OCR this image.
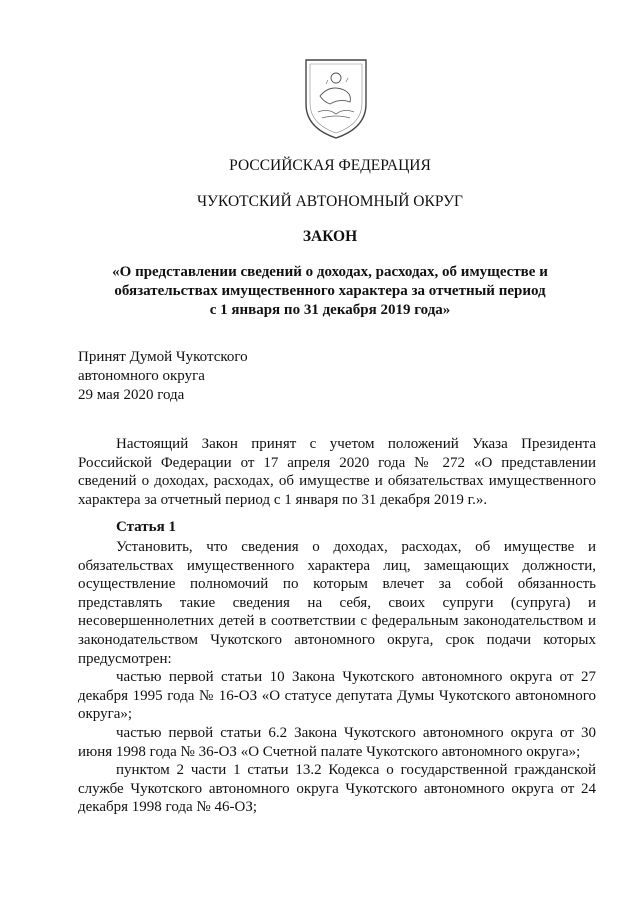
РОССИЙСКАЯ ФЕДЕРАЦИЯ
ЧУКОТСКИЙ АВТОНОМНЫЙ ОКРУГ
ЗАКОН
«О представлении сведений о доходах, расходах, об имуществе и
обязательствах имущественного характера за отчетный период
с 1 января по 31 декабря 2019 года»
Принят Думой Чукотского
автономного округа
29 мая 2020 года

Настоящий Закон принят с учетом положений Указа Президента Российской Федерации от 17 апреля 2020 года № 272 «О представлении сведений о доходах, расходах, об имуществе и обязательствах имущественного характера за отчетный период с 1 января по 31 декабря 2019 г.».

Статья 1

Установить, что сведения о доходах, расходах, об имуществе и обязательствах имущественного характера лиц, замещающих должности, осуществление полномочий по которым влечет за собой обязанность представлять такие сведения на себя, своих супруги (супруга) и несовершеннолетних детей в соответствии с федеральным законодательством и законодательством Чукотского автономного округа, срок подачи которых предусмотрен:

частью первой статьи 10 Закона Чукотского автономного округа от 27 декабря 1995 года № 16-ОЗ «О статусе депутата Думы Чукотского автономного округа»;

частью первой статьи 6.2 Закона Чукотского автономного округа от 30 июня 1998 года № 36-ОЗ «О Счетной палате Чукотского автономного округа»;

пунктом 2 части 1 статьи 13.2 Кодекса о государственной гражданской службе Чукотского автономного округа Чукотского автономного округа от 24 декабря 1998 года № 46-ОЗ;
